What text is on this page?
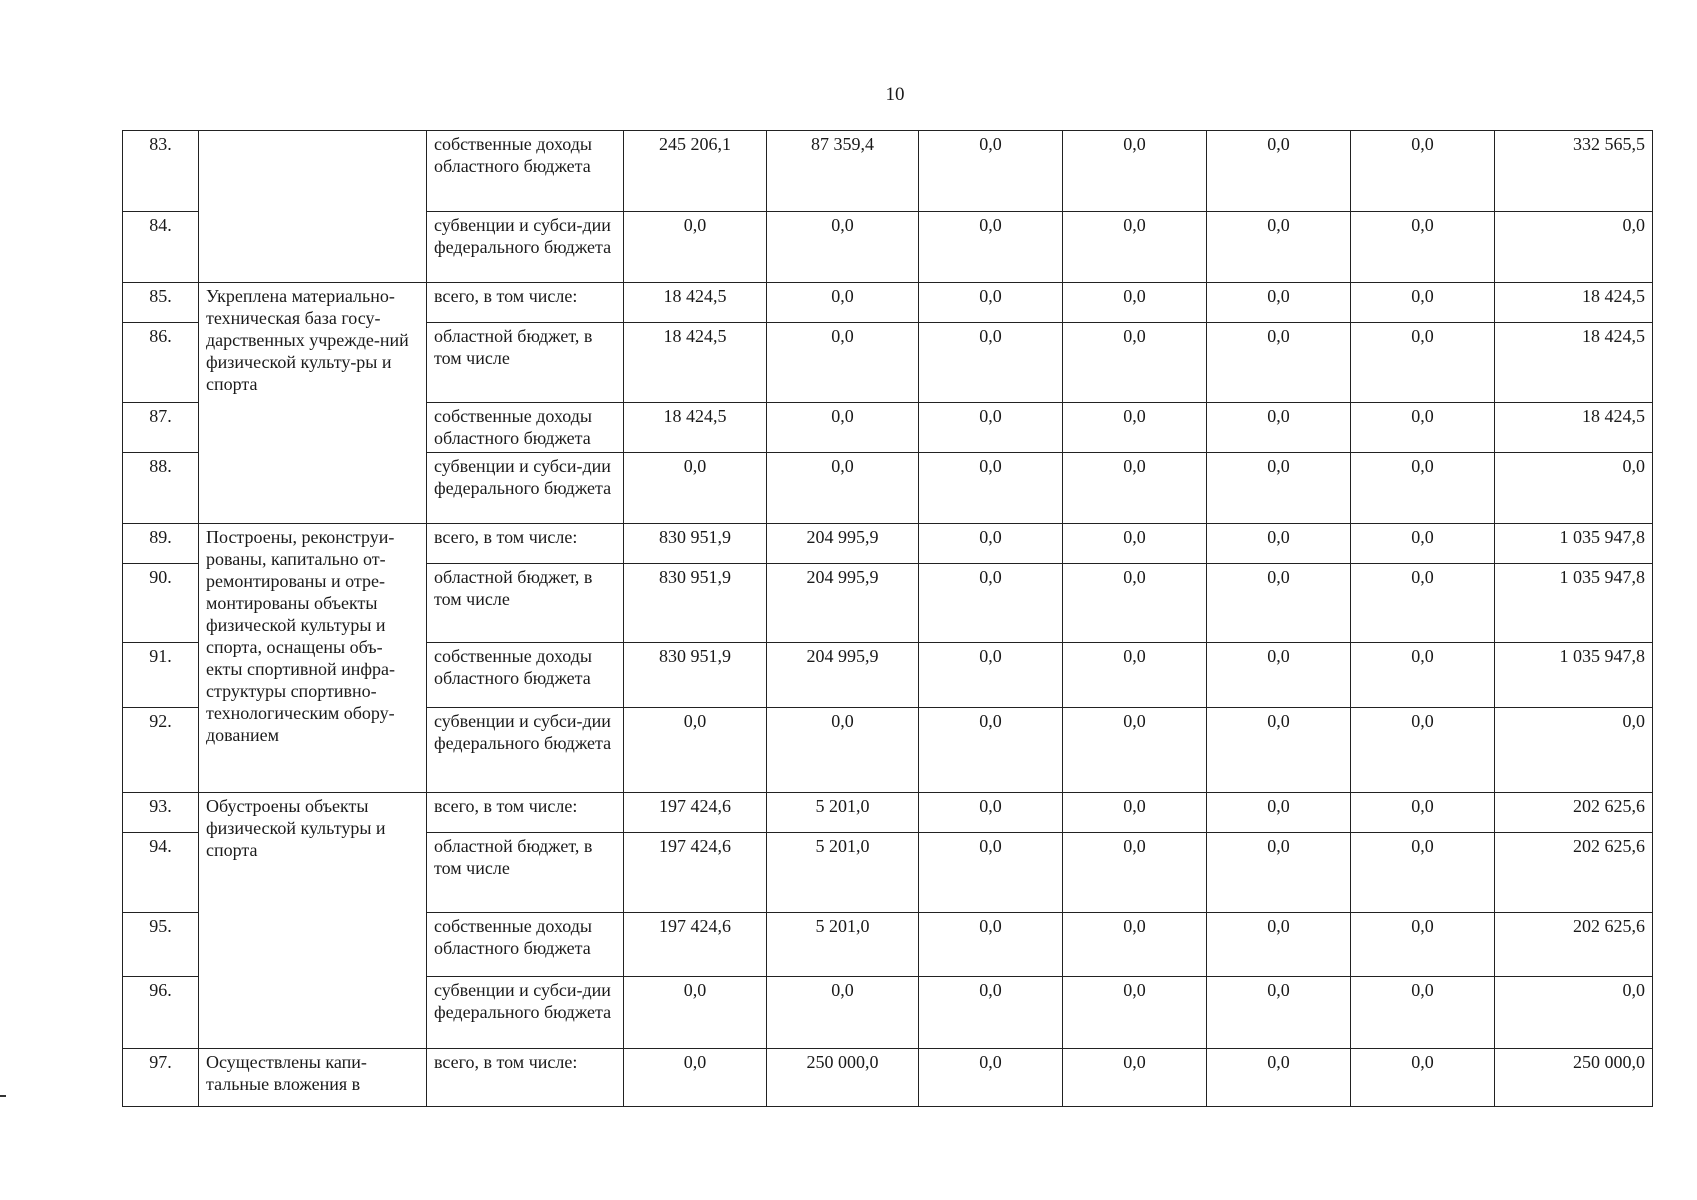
10
83.		собственные доходы областного бюджета	245 206,1	87 359,4	0,0	0,0	0,0	0,0	332 565,5
84.		субвенции и субси-дии федерального бюджета	0,0	0,0	0,0	0,0	0,0	0,0	0,0
85.	Укреплена материально-техническая база госу-дарственных учрежде-ний физической культу-ры и спорта	всего, в том числе:	18 424,5	0,0	0,0	0,0	0,0	0,0	18 424,5
86.		областной бюджет, в том числе	18 424,5	0,0	0,0	0,0	0,0	0,0	18 424,5
87.		собственные доходы областного бюджета	18 424,5	0,0	0,0	0,0	0,0	0,0	18 424,5
88.		субвенции и субси-дии федерального бюджета	0,0	0,0	0,0	0,0	0,0	0,0	0,0
89.	Построены, реконструи-рованы, капитально от-ремонтированы и отре-монтированы объекты физической культуры и спорта, оснащены объ-екты спортивной инфра-структуры спортивно-технологическим обору-дованием	всего, в том числе:	830 951,9	204 995,9	0,0	0,0	0,0	0,0	1 035 947,8
90.		областной бюджет, в том числе	830 951,9	204 995,9	0,0	0,0	0,0	0,0	1 035 947,8
91.		собственные доходы областного бюджета	830 951,9	204 995,9	0,0	0,0	0,0	0,0	1 035 947,8
92.		субвенции и субси-дии федерального бюджета	0,0	0,0	0,0	0,0	0,0	0,0	0,0
93.	Обустроены объекты физической культуры и спорта	всего, в том числе:	197 424,6	5 201,0	0,0	0,0	0,0	0,0	202 625,6
94.		областной бюджет, в том числе	197 424,6	5 201,0	0,0	0,0	0,0	0,0	202 625,6
95.		собственные доходы областного бюджета	197 424,6	5 201,0	0,0	0,0	0,0	0,0	202 625,6
96.		субвенции и субси-дии федерального бюджета	0,0	0,0	0,0	0,0	0,0	0,0	0,0
97.	Осуществлены капи-тальные вложения в	всего, в том числе:	0,0	250 000,0	0,0	0,0	0,0	0,0	250 000,0
